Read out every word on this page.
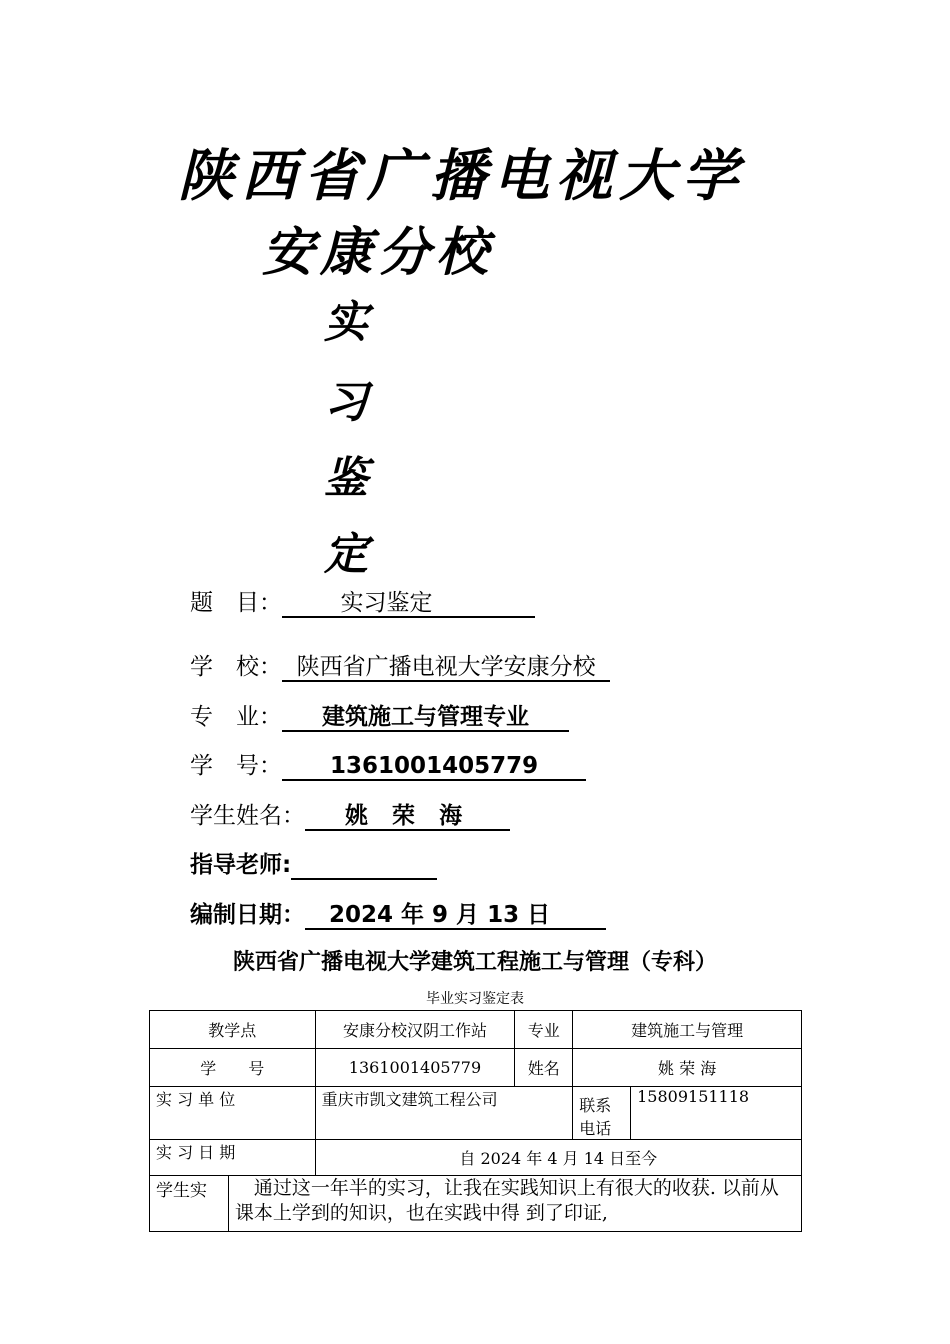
陕西省广播电视大学
安康分校
实
习
鉴
定
题　目：        实习鉴定
学　校：  陕西省广播电视大学安康分校
专　业：     建筑施工与管理专业
学　号：      1361001405779
学生姓名：     姚   荣   海
指导老师:
编制日期：   2024 年 9 月 13 日
陕西省广播电视大学建筑工程施工与管理（专科）
毕业实习鉴定表
教学点		安康分校汉阴工作站	专业	建筑施工与管理	
学　　号		1361001405779	姓名	姚 荣 海	
实 习 单 位		重庆市凯文建筑工程公司		联系电话	15809151118
实 习 日 期		自 2024 年 4 月 14 日至今			
学生实	　通过这一年半的实习，让我在实践知识上有很大的收获. 以前从课本上学到的知识，也在实践中得 到了印证,				
